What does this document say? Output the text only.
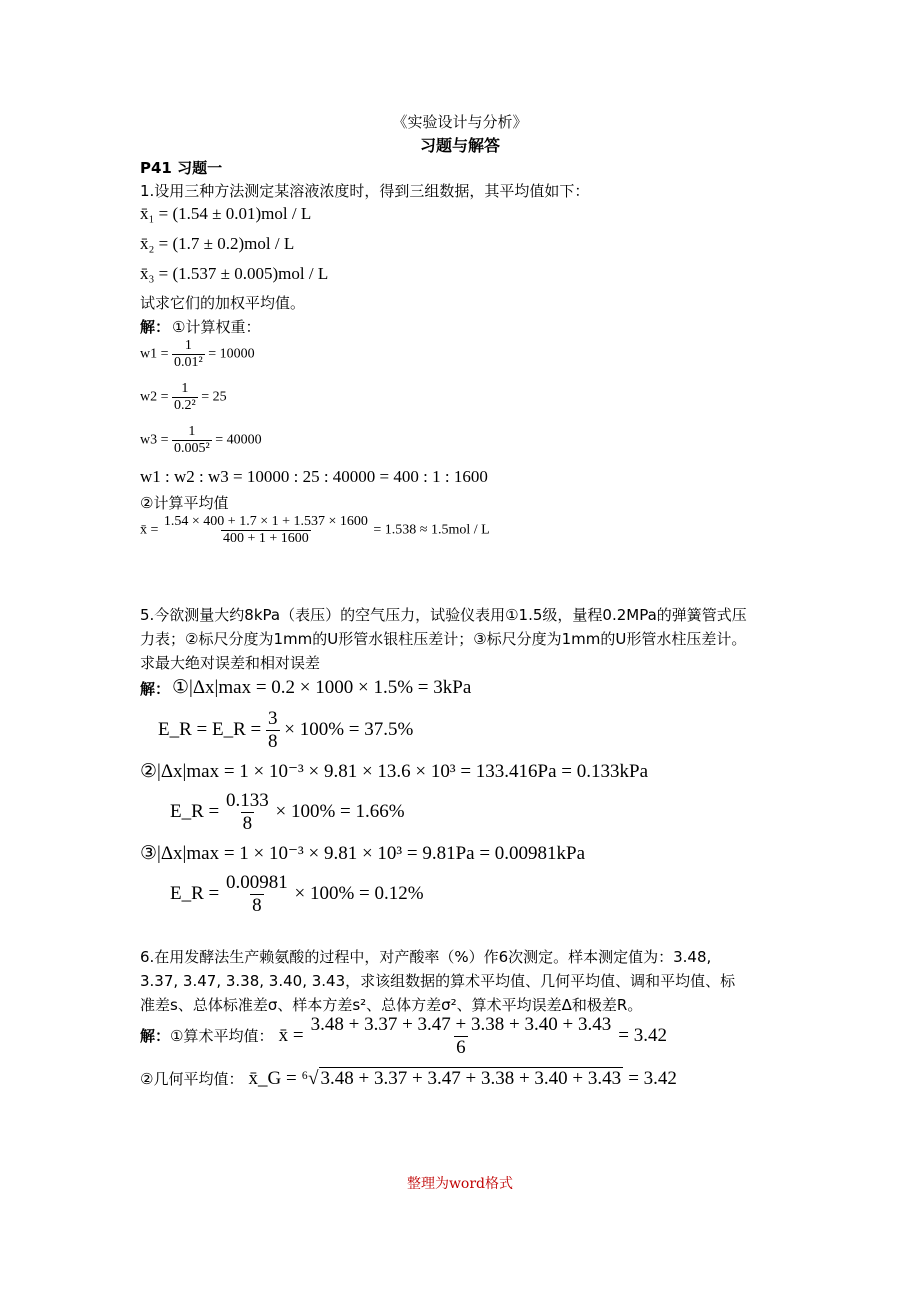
《实验设计与分析》
习题与解答
P41 习题一
1.设用三种方法测定某溶液浓度时，得到三组数据，其平均值如下：
x̄₁ = (1.54 ± 0.01)mol / L
x̄₂ = (1.7 ± 0.2)mol / L
x̄₃ = (1.537 ± 0.005)mol / L
试求它们的加权平均值。
解： ①计算权重：
$w1 = \frac{1}{\text{0.01²}} = 10000$
$w2 = \frac{1}{\text{0.2²}} = 25$
$w3 = \frac{1}{\text{0.005²}} = 40000$
w1 : w2 : w3 = 10000 : 25 : 40000 = 400 : 1 : 1600
②计算平均值
x̄ = $\frac{1.54 \times 400 + 1.7 \times 1 + 1.537 \times 1600}{400 + 1 + 1600} = 1.538 \approx 1.5mol / L$
5.今欲测量大约8kPa（表压）的空气压力，试验仪表用①1.5级，量程0.2MPa的弹簧管式压
力表；②标尺分度为1mm的U形管水银柱压差计；③标尺分度为1mm的U形管水柱压差计。
求最大绝对误差和相对误差
解： ①|Δx|max = 0.2 × 1000 × 1.5% = 3kPa
E_R = E_R = $\frac{3}{8} \times 100\% = 37.5\%$
②|Δx|max = 1 × 10⁻³ × 9.81 × 13.6 × 10³ = 133.416Pa = 0.133kPa
E_R = $\frac{0.133}{8} \times 100\% = 1.66\%$
③|Δx|max = 1 × 10⁻³ × 9.81 × 10³ = 9.81Pa = 0.00981kPa
E_R = $\frac{0.00981}{8} \times 100\% = 0.12\%$
6.在用发酵法生产赖氨酸的过程中，对产酸率（%）作6次测定。样本测定值为：3.48,
3.37, 3.47, 3.38, 3.40, 3.43，求该组数据的算术平均值、几何平均值、调和平均值、标
准差s、总体标准差σ、样本方差s²、总体方差σ²、算术平均误差Δ和极差R。
解：①算术平均值： x̄ = $\frac{3.48 + 3.37 + 3.47 + 3.38 + 3.40 + 3.43}{6} = 3.42$
②几何平均值： x̄_G = ⁶√ 3.48 + 3.37 + 3.47 + 3.38 + 3.40 + 3.43 = 3.42
整理为word格式
